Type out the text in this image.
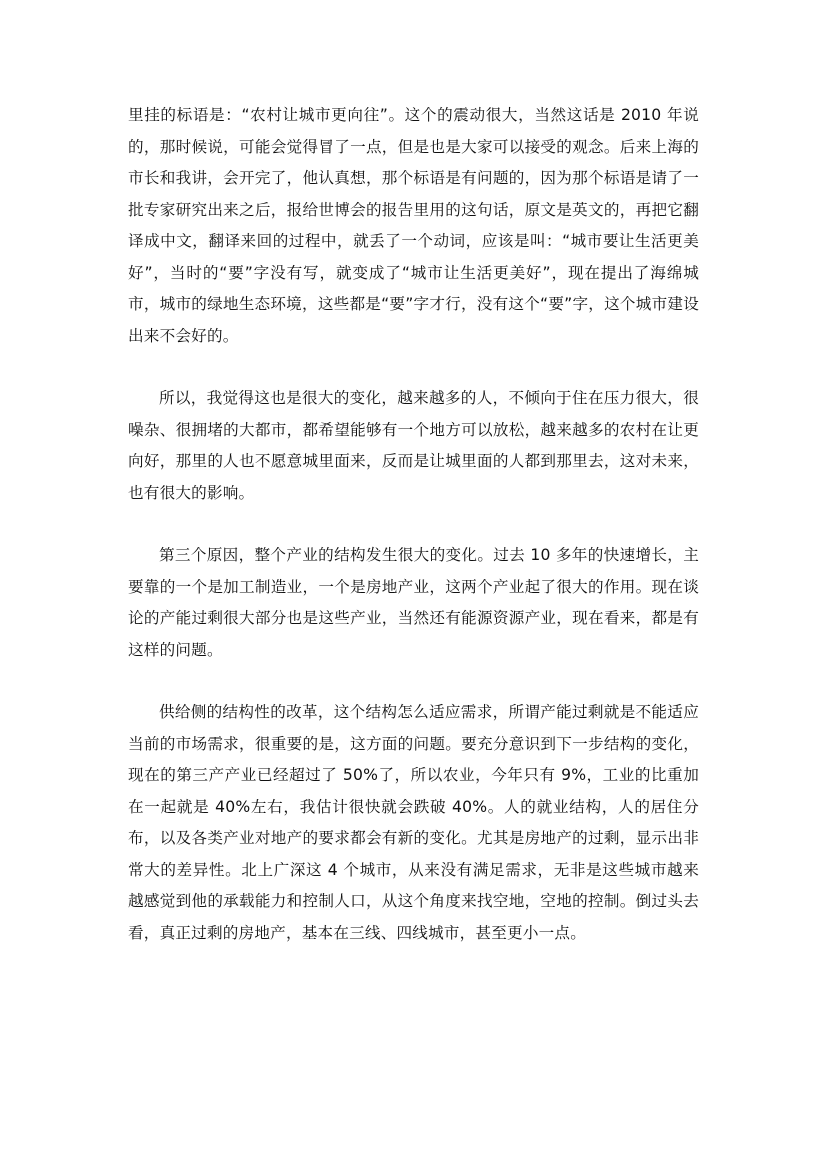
里挂的标语是：“农村让城市更向往”。这个的震动很大，当然这话是 2010 年说的，那时候说，可能会觉得冒了一点，但是也是大家可以接受的观念。后来上海的市长和我讲，会开完了，他认真想，那个标语是有问题的，因为那个标语是请了一批专家研究出来之后，报给世博会的报告里用的这句话，原文是英文的，再把它翻译成中文，翻译来回的过程中，就丢了一个动词，应该是叫：“城市要让生活更美好”，当时的“要”字没有写，就变成了“城市让生活更美好”，现在提出了海绵城市，城市的绿地生态环境，这些都是“要”字才行，没有这个“要”字，这个城市建设出来不会好的。

所以，我觉得这也是很大的变化，越来越多的人，不倾向于住在压力很大，很噪杂、很拥堵的大都市，都希望能够有一个地方可以放松，越来越多的农村在让更向好，那里的人也不愿意城里面来，反而是让城里面的人都到那里去，这对未来，也有很大的影响。

第三个原因，整个产业的结构发生很大的变化。过去 10 多年的快速增长，主要靠的一个是加工制造业，一个是房地产业，这两个产业起了很大的作用。现在谈论的产能过剩很大部分也是这些产业，当然还有能源资源产业，现在看来，都是有这样的问题。

供给侧的结构性的改革，这个结构怎么适应需求，所谓产能过剩就是不能适应当前的市场需求，很重要的是，这方面的问题。要充分意识到下一步结构的变化，现在的第三产产业已经超过了 50%了，所以农业，今年只有 9%，工业的比重加在一起就是 40%左右，我估计很快就会跌破 40%。人的就业结构，人的居住分布，以及各类产业对地产的要求都会有新的变化。尤其是房地产的过剩，显示出非常大的差异性。北上广深这 4 个城市，从来没有满足需求，无非是这些城市越来越感觉到他的承载能力和控制人口，从这个角度来找空地，空地的控制。倒过头去看，真正过剩的房地产，基本在三线、四线城市，甚至更小一点。
